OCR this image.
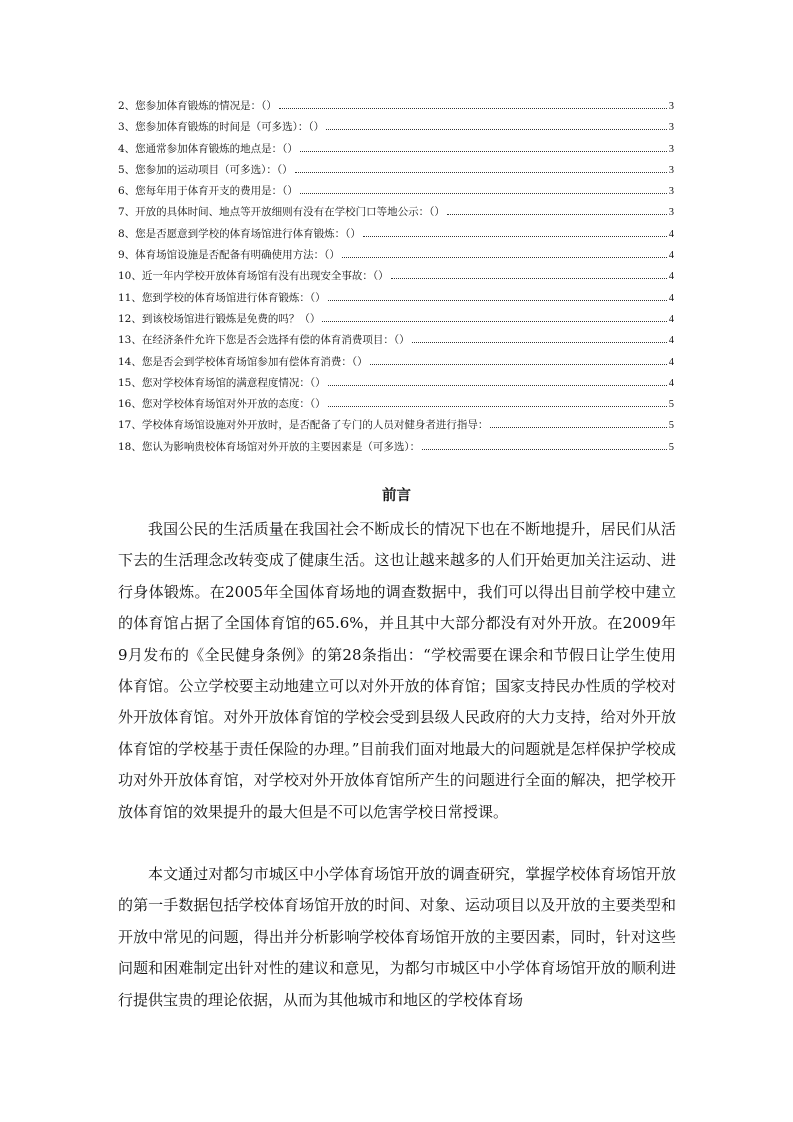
2、您参加体育锻炼的情况是：（）	3
3、您参加体育锻炼的时间是（可多选）：（）	3
4、您通常参加体育锻炼的地点是：（）	3
5、您参加的运动项目（可多选）：（）	3
6、您每年用于体育开支的费用是：（）	3
7、开放的具体时间、地点等开放细则有没有在学校门口等地公示：（）	3
8、您是否愿意到学校的体育场馆进行体育锻炼：（）	4
9、体育场馆设施是否配备有明确使用方法：（）	4
10、近一年内学校开放体育场馆有没有出现安全事故：（）	4
11、您到学校的体育场馆进行体育锻炼：（）	4
12、到该校场馆进行锻炼是免费的吗？（）	4
13、在经济条件允许下您是否会选择有偿的体育消费项目：（）	4
14、您是否会到学校体育场馆参加有偿体育消费：（）	4
15、您对学校体育场馆的满意程度情况：（）	4
16、您对学校体育场馆对外开放的态度：（）	5
17、学校体育场馆设施对外开放时，是否配备了专门的人员对健身者进行指导：	5
18、您认为影响贵校体育场馆对外开放的主要因素是（可多选）：	5
前言

我国公民的生活质量在我国社会不断成长的情况下也在不断地提升，居民们从活下去的生活理念改转变成了健康生活。这也让越来越多的人们开始更加关注运动、进行身体锻炼。在2005年全国体育场地的调查数据中，我们可以得出目前学校中建立的体育馆占据了全国体育馆的65.6%，并且其中大部分都没有对外开放。在2009年9月发布的《全民健身条例》的第28条指出：“学校需要在课余和节假日让学生使用体育馆。公立学校要主动地建立可以对外开放的体育馆；国家支持民办性质的学校对外开放体育馆。对外开放体育馆的学校会受到县级人民政府的大力支持，给对外开放体育馆的学校基于责任保险的办理。”目前我们面对地最大的问题就是怎样保护学校成功对外开放体育馆，对学校对外开放体育馆所产生的问题进行全面的解决，把学校开放体育馆的效果提升的最大但是不可以危害学校日常授课。

本文通过对都匀市城区中小学体育场馆开放的调查研究，掌握学校体育场馆开放的第一手数据包括学校体育场馆开放的时间、对象、运动项目以及开放的主要类型和开放中常见的问题，得出并分析影响学校体育场馆开放的主要因素，同时，针对这些问题和困难制定出针对性的建议和意见，为都匀市城区中小学体育场馆开放的顺利进行提供宝贵的理论依据，从而为其他城市和地区的学校体育场
